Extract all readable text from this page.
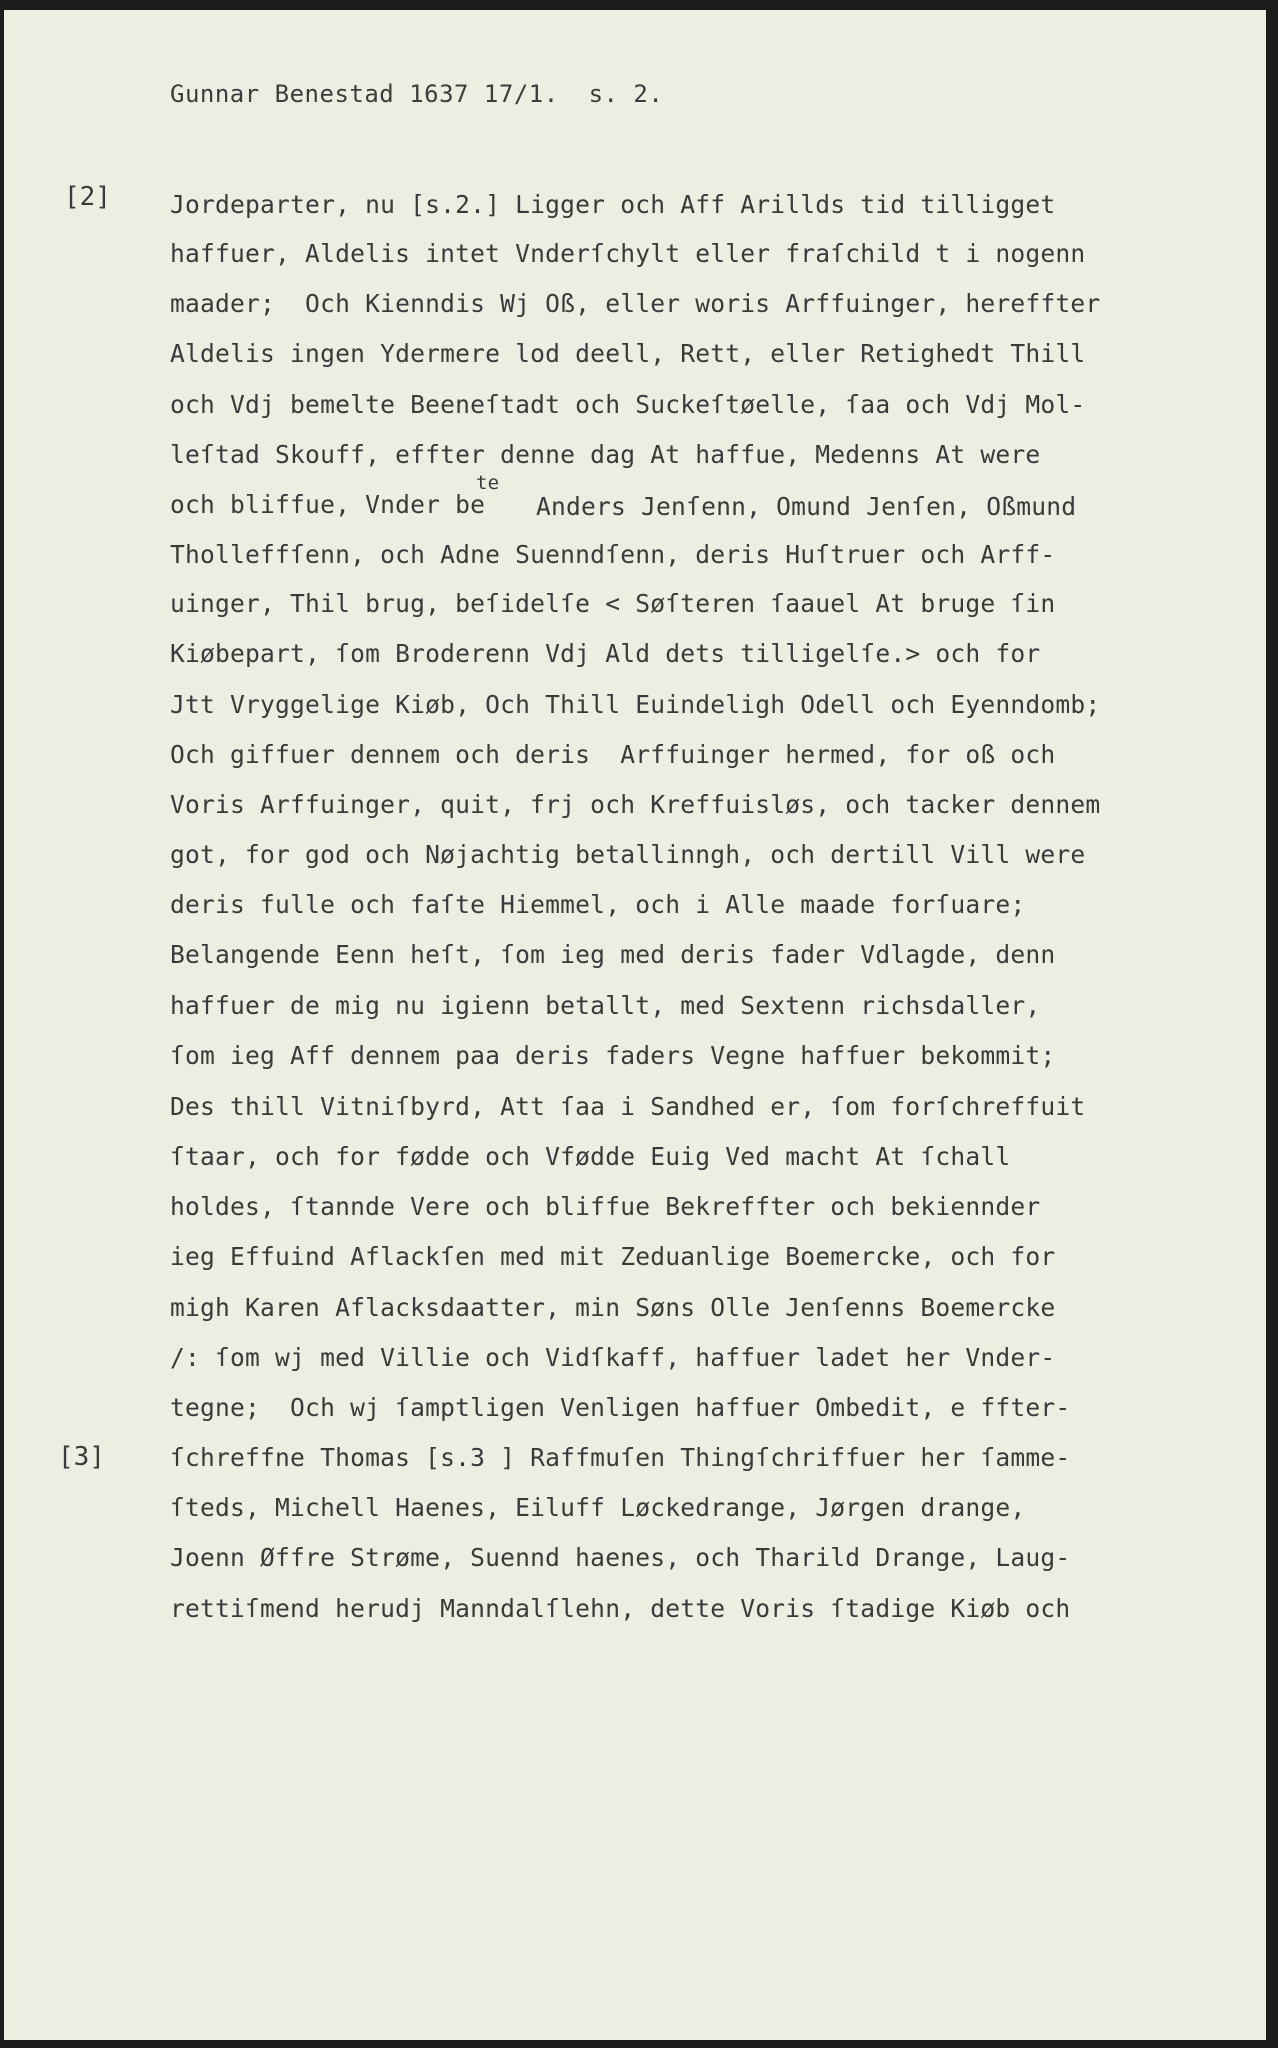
Gunnar Benestad 1637 17/1.  s. 2.
[2]
[3]
Jordeparter, nu [s.2.] Ligger och Aff Arillds tid tilligget
haffuer, Aldelis intet Vnderſchylt eller fraſchild t i nogenn
maader;  Och Kienndis Wj Oß, eller woris Arffuinger, hereffter
Aldelis ingen Ydermere lod deell, Rett, eller Retighedt Thill
och Vdj bemelte Beeneſtadt och Suckeſtøelle, ſaa och Vdj Mol-
leſtad Skouff, effter denne dag At haffue, Medenns At were
och bliffue, Vnder be
te
Anders Jenſenn, Omund Jenſen, Oßmund
Tholleffſenn, och Adne Suenndſenn, deris Huſtruer och Arff-
uinger, Thil brug, beſidelſe < Søſteren ſaauel At bruge ſin
Kiøbepart, ſom Broderenn Vdj Ald dets tilligelſe.> och for
Jtt Vryggelige Kiøb, Och Thill Euindeligh Odell och Eyenndomb;
Och giffuer dennem och deris  Arffuinger hermed, for oß och
Voris Arffuinger, quit, frj och Kreffuisløs, och tacker dennem
got, for god och Nøjachtig betallinngh, och dertill Vill were
deris fulle och faſte Hiemmel, och i Alle maade forſuare;
Belangende Eenn heſt, ſom ieg med deris fader Vdlagde, denn
haffuer de mig nu igienn betallt, med Sextenn richsdaller,
ſom ieg Aff dennem paa deris faders Vegne haffuer bekommit;
Des thill Vitniſbyrd, Att ſaa i Sandhed er, ſom forſchreffuit
ſtaar, och for fødde och Vfødde Euig Ved macht At ſchall
holdes, ſtannde Vere och bliffue Bekreffter och bekiennder
ieg Effuind Aflackſen med mit Zeduanlige Boemercke, och for
migh Karen Aflacksdaatter, min Søns Olle Jenſenns Boemercke
/: ſom wj med Villie och Vidſkaff, haffuer ladet her Vnder-
tegne;  Och wj ſamptligen Venligen haffuer Ombedit, e ffter-
ſchreffne Thomas [s.3 ] Raffmuſen Thingſchriffuer her ſamme-
ſteds, Michell Haenes, Eiluff Løckedrange, Jørgen drange,
Joenn Øffre Strøme, Suennd haenes, och Tharild Drange, Laug-
rettiſmend herudj Manndalſlehn, dette Voris ſtadige Kiøb och
